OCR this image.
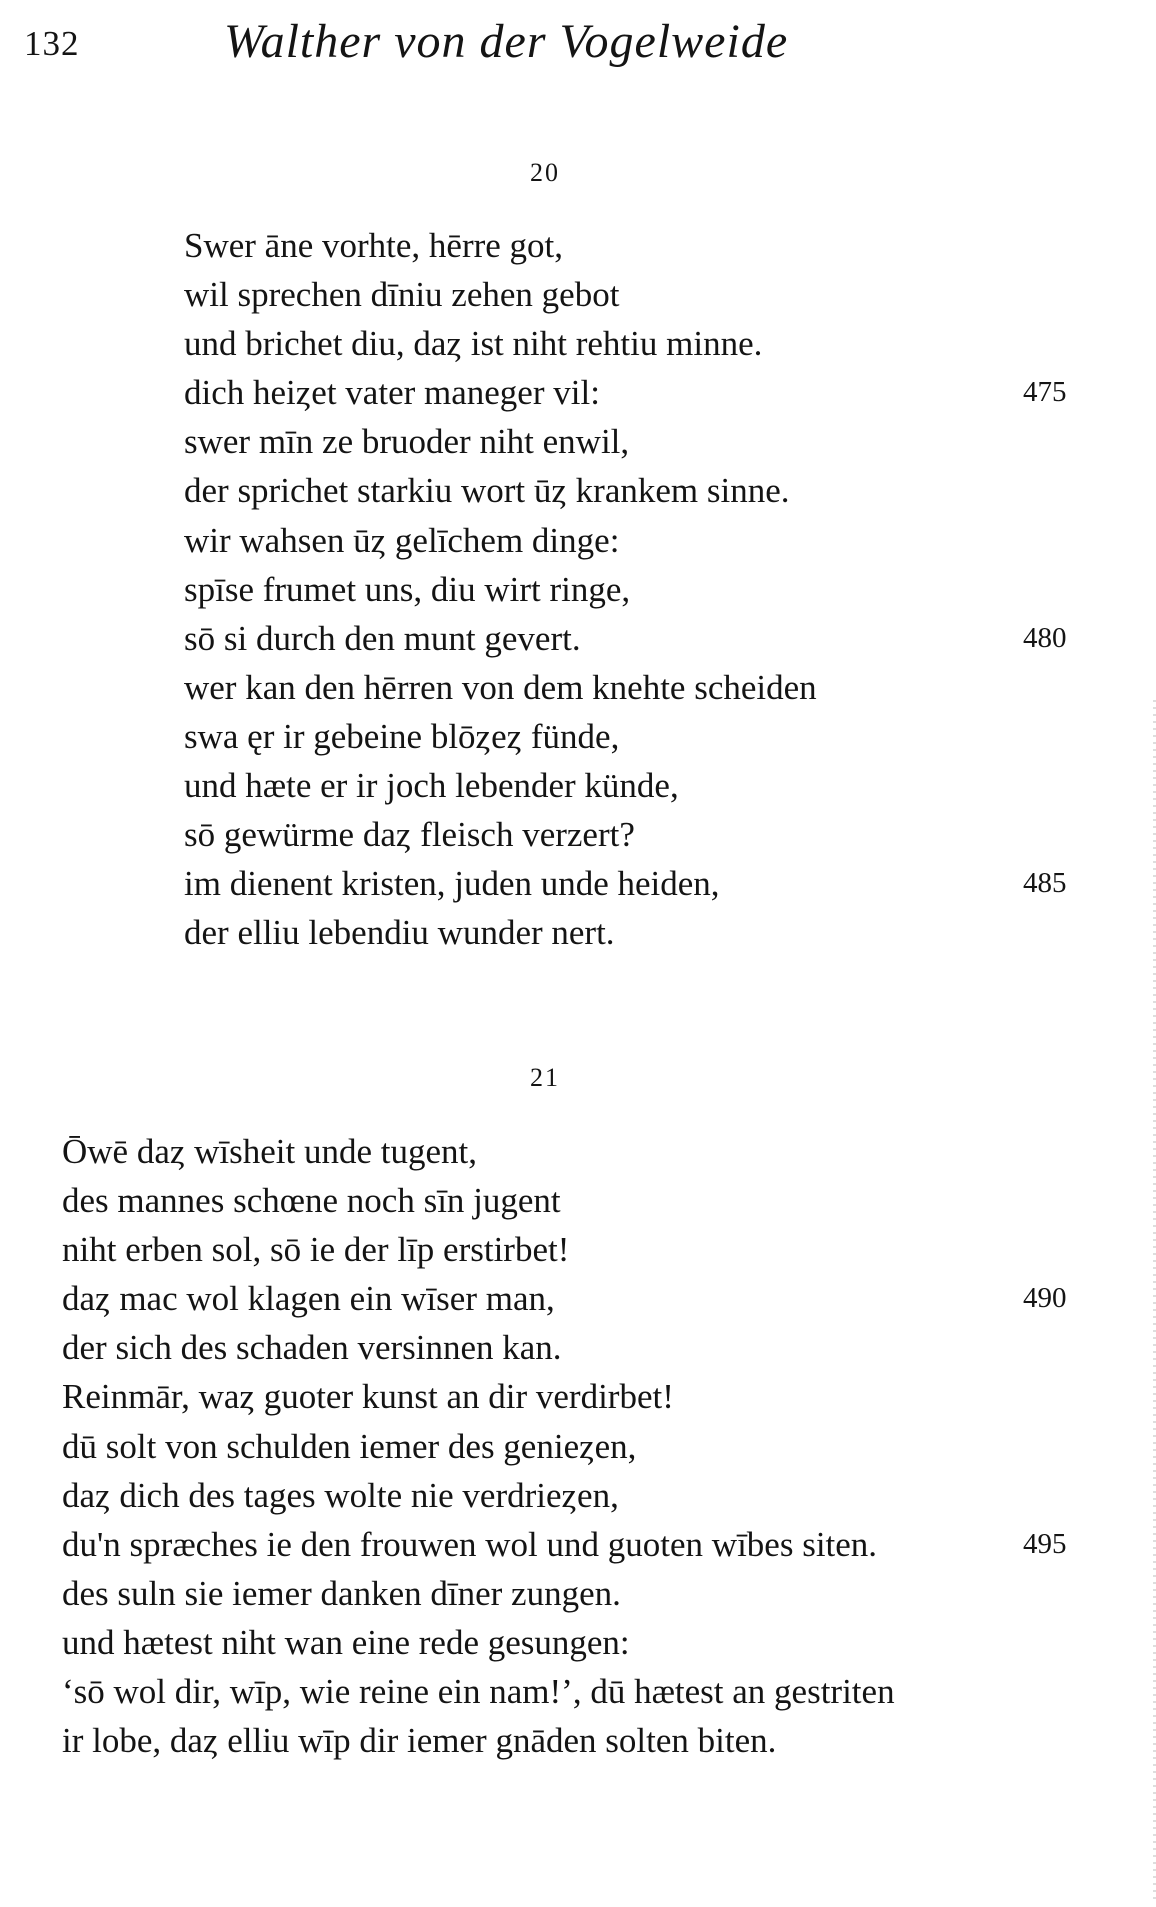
132	Walther von der Vogelweide
20
Swer āne vorhte, hērre got,
wil sprechen dīniu zehen gebot
und brichet diu, daȥ ist niht rehtiu minne.
dich heiȥet vater maneger vil:	475
swer mīn ze bruoder niht enwil,
der sprichet starkiu wort ūȥ krankem sinne.
wir wahsen ūȥ gelīchem dinge:
spīse frumet uns, diu wirt ringe,
sō si durch den munt gevert.	480
wer kan den hērren von dem knehte scheiden
swa ęr ir gebeine blōȥeȥ fünde,
und hæte er ir joch lebender künde,
sō gewürme daȥ fleisch verzert?
im dienent kristen, juden unde heiden,	485
der elliu lebendiu wunder nert.
21
Ōwē daȥ wīsheit unde tugent,
des mannes schœne noch sīn jugent
niht erben sol, sō ie der līp erstirbet!
daȥ mac wol klagen ein wīser man,	490
der sich des schaden versinnen kan.
Reinmār, waȥ guoter kunst an dir verdirbet!
dū solt von schulden iemer des genieȥen,
daȥ dich des tages wolte nie verdrieȥen,
du'n spræches ie den frouwen wol und guoten wībes siten.	495
des suln sie iemer danken dīner zungen.
und hætest niht wan eine rede gesungen:
‘sō wol dir, wīp, wie reine ein nam!’, dū hætest an gestriten
ir lobe, daȥ elliu wīp dir iemer gnāden solten biten.
